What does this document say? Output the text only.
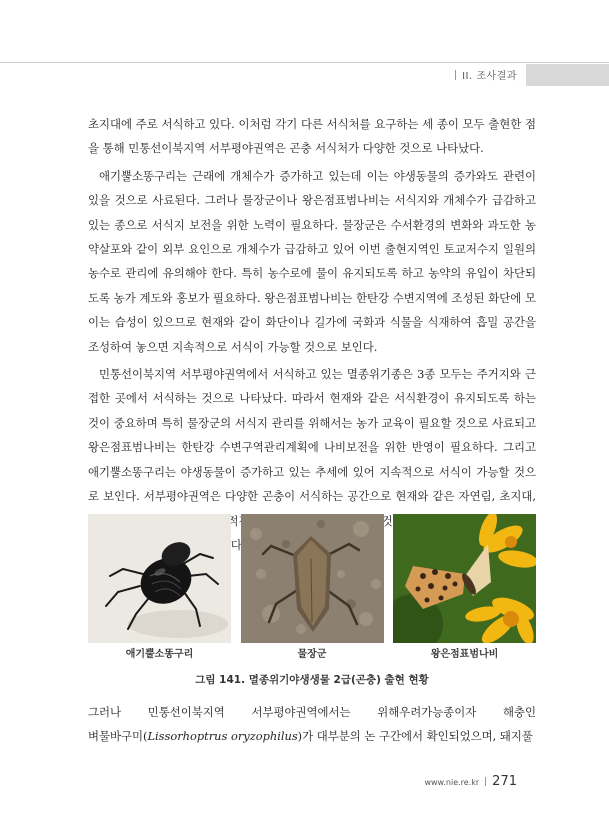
II. 조사결과

초지대에 주로 서식하고 있다. 이처럼 각기 다른 서식처를 요구하는 세 종이 모두 출현한 점을 통해 민통선이북지역 서부평야권역은 곤충 서식처가 다양한 것으로 나타났다.

애기뿔소똥구리는 근래에 개체수가 증가하고 있는데 이는 야생동물의 증가와도 관련이 있을 것으로 사료된다. 그러나 물장군이나 왕은점표범나비는 서식지와 개체수가 급감하고 있는 종으로 서식지 보전을 위한 노력이 필요하다. 물장군은 수서환경의 변화와 과도한 농약살포와 같이 외부 요인으로 개체수가 급감하고 있어 이번 출현지역인 토교저수지 일원의 농수로 관리에 유의해야 한다. 특히 농수로에 물이 유지되도록 하고 농약의 유입이 차단되도록 농가 계도와 홍보가 필요하다. 왕은점표범나비는 한탄강 수변지역에 조성된 화단에 모이는 습성이 있으므로 현재와 같이 화단이나 길가에 국화과 식물을 식재하여 흡밀 공간을 조성하여 놓으면 지속적으로 서식이 가능할 것으로 보인다.

민통선이북지역 서부평야권역에서 서식하고 있는 멸종위기종은 3종 모두는 주거지와 근접한 곳에서 서식하는 것으로 나타났다. 따라서 현재와 같은 서식환경이 유지되도록 하는 것이 중요하며 특히 물장군의 서식지 관리를 위해서는 농가 교육이 필요할 것으로 사료되고 왕은점표범나비는 한탄강 수변구역관리계획에 나비보전을 위한 반영이 필요하다. 그리고 애기뿔소똥구리는 야생동물이 증가하고 있는 추세에 있어 지속적으로 서식이 가능할 것으로 보인다. 서부평야권역은 다양한 곤충이 서식하는 공간으로 현재와 같은 자연림, 초지대, 것이 한다.

애기뿔소똥구리	물장군	왕은점표범나비
그림 141. 멸종위기야생생물 2급(곤충) 출현 현황

그러나 민통선이북지역 서부평야권역에서는 위해우려가능종이자 해충인

벼물바구미(Lissorhoptrus oryzophilus)가 대부분의 논 구간에서 확인되었으며, 돼지풀

www.nie.re.kr 271
